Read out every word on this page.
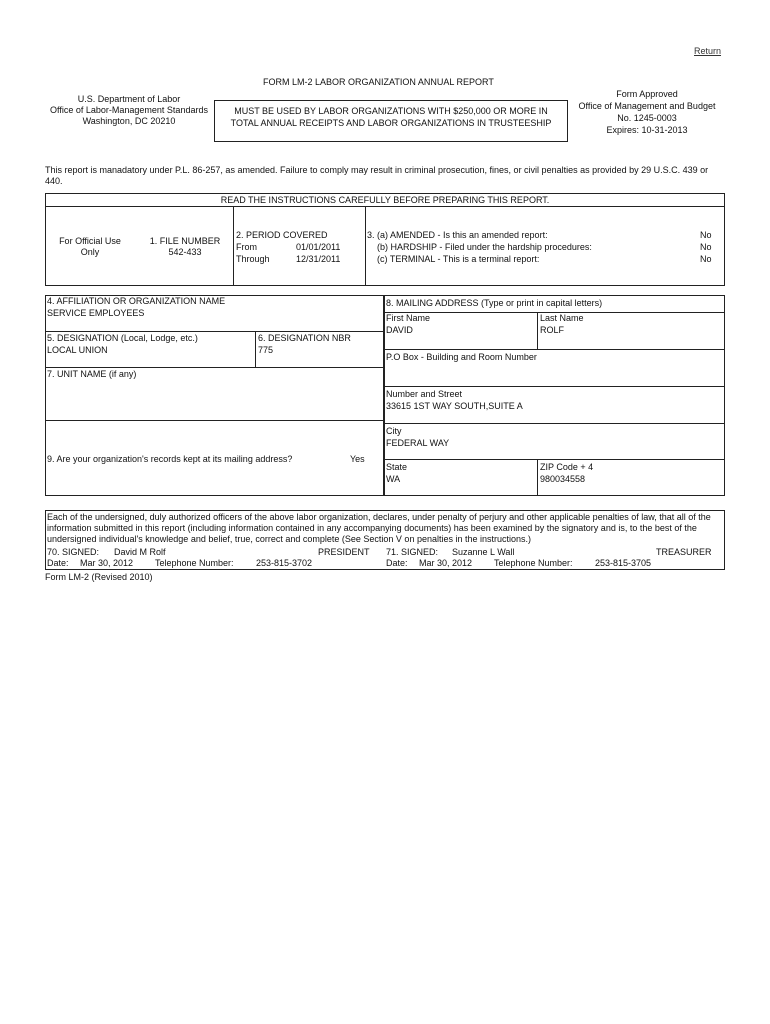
Return
FORM LM-2 LABOR ORGANIZATION ANNUAL REPORT
U.S. Department of Labor
Office of Labor-Management Standards
Washington, DC 20210
MUST BE USED BY LABOR ORGANIZATIONS WITH $250,000 OR MORE IN TOTAL ANNUAL RECEIPTS AND LABOR ORGANIZATIONS IN TRUSTEESHIP
Form Approved
Office of Management and Budget
No. 1245-0003
Expires: 10-31-2013
This report is manadatory under P.L. 86-257, as amended. Failure to comply may result in criminal prosecution, fines, or civil penalties as provided by 29 U.S.C. 439 or 440.
READ THE INSTRUCTIONS CAREFULLY BEFORE PREPARING THIS REPORT.
For Official Use
Only
1. FILE NUMBER
542-433
2. PERIOD COVERED
From	01/01/2011
Through	12/31/2011
3. (a) AMENDED - Is this an amended report:	No
(b) HARDSHIP - Filed under the hardship procedures:	No
(c) TERMINAL - This is a terminal report:	No
4. AFFILIATION OR ORGANIZATION NAME
SERVICE EMPLOYEES
5. DESIGNATION (Local, Lodge, etc.)
LOCAL UNION
6. DESIGNATION NBR
775
7. UNIT NAME (if any)
9. Are your organization's records kept at its mailing address?	Yes
8. MAILING ADDRESS (Type or print in capital letters)
First Name
DAVID
Last Name
ROLF
P.O Box - Building and Room Number
Number and Street
33615 1ST WAY SOUTH,SUITE A
City
FEDERAL WAY
State
WA
ZIP Code + 4
980034558
Each of the undersigned, duly authorized officers of the above labor organization, declares, under penalty of perjury and other applicable penalties of law, that all of the information submitted in this report (including information contained in any accompanying documents) has been examined by the signatory and is, to the best of the undersigned individual's knowledge and belief, true, correct and complete (See Section V on penalties in the instructions.)
70. SIGNED: David M Rolf	PRESIDENT 71. SIGNED: Suzanne L Wall	TREASURER
Date: Mar 30, 2012 Telephone Number: 253-815-3702	Date: Mar 30, 2012 Telephone Number: 253-815-3705
Form LM-2 (Revised 2010)
